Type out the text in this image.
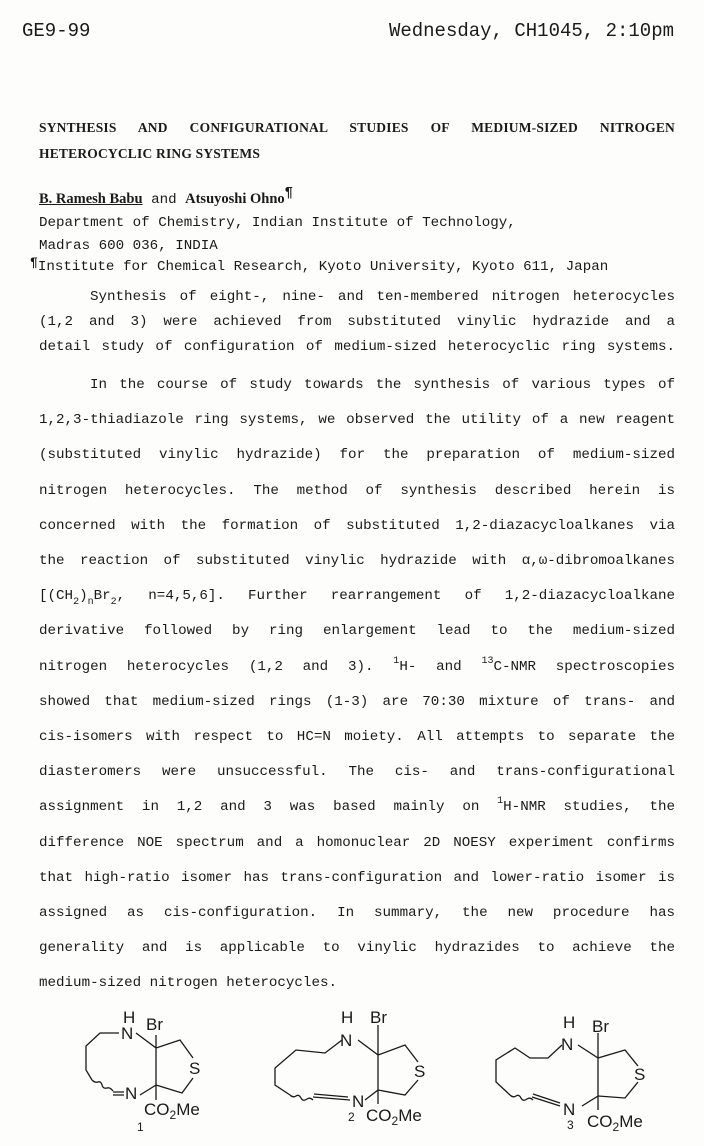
GE9-99	Wednesday, CH1045, 2:10pm
SYNTHESIS AND CONFIGURATIONAL STUDIES OF MEDIUM-SIZED NITROGEN
HETEROCYCLIC RING SYSTEMS
B. Ramesh Babu and Atsuyoshi Ohno¶
Department of Chemistry, Indian Institute of Technology,
Madras 600 036, INDIA
¶Institute for Chemical Research, Kyoto University, Kyoto 611, Japan
Synthesis of eight-, nine- and ten-membered nitrogen heterocycles
(1,2 and 3) were achieved from substituted vinylic hydrazide and a
detail study of configuration of medium-sized heterocyclic ring systems.
In the course of study towards the synthesis of various types of
1,2,3-thiadiazole ring systems, we observed the utility of a new reagent
(substituted vinylic hydrazide) for the preparation of medium-sized
nitrogen heterocycles. The method of synthesis described herein is
concerned with the formation of substituted 1,2-diazacycloalkanes via
the reaction of substituted vinylic hydrazide with α,ω-dibromoalkanes
[$(CH_2)_nBr_2$, n=4,5,6]. Further rearrangement of 1,2-diazacycloalkane
derivative followed by ring enlargement lead to the medium-sized
nitrogen heterocycles (1,2 and 3). $^1$H- and $^{13}$C-NMR spectroscopies
showed that medium-sized rings (1-3) are 70:30 mixture of trans- and
cis-isomers with respect to HC=N moiety. All attempts to separate the
diasteromers were unsuccessful. The cis- and trans-configurational
assignment in 1,2 and 3 was based mainly on $^1$H-NMR studies, the
difference NOE spectrum and a homonuclear 2D NOESY experiment confirms
that high-ratio isomer has trans-configuration and lower-ratio isomer is
assigned as cis-configuration. In summary, the new procedure has
generality and is applicable to vinylic hydrazides to achieve the
medium-sized nitrogen heterocycles.
H
N Br
S
N
$CO_2Me$
1
H
N
Br
S
N
$CO_2Me$
2
H
N
Br
S
N
$CO_2Me$
3
